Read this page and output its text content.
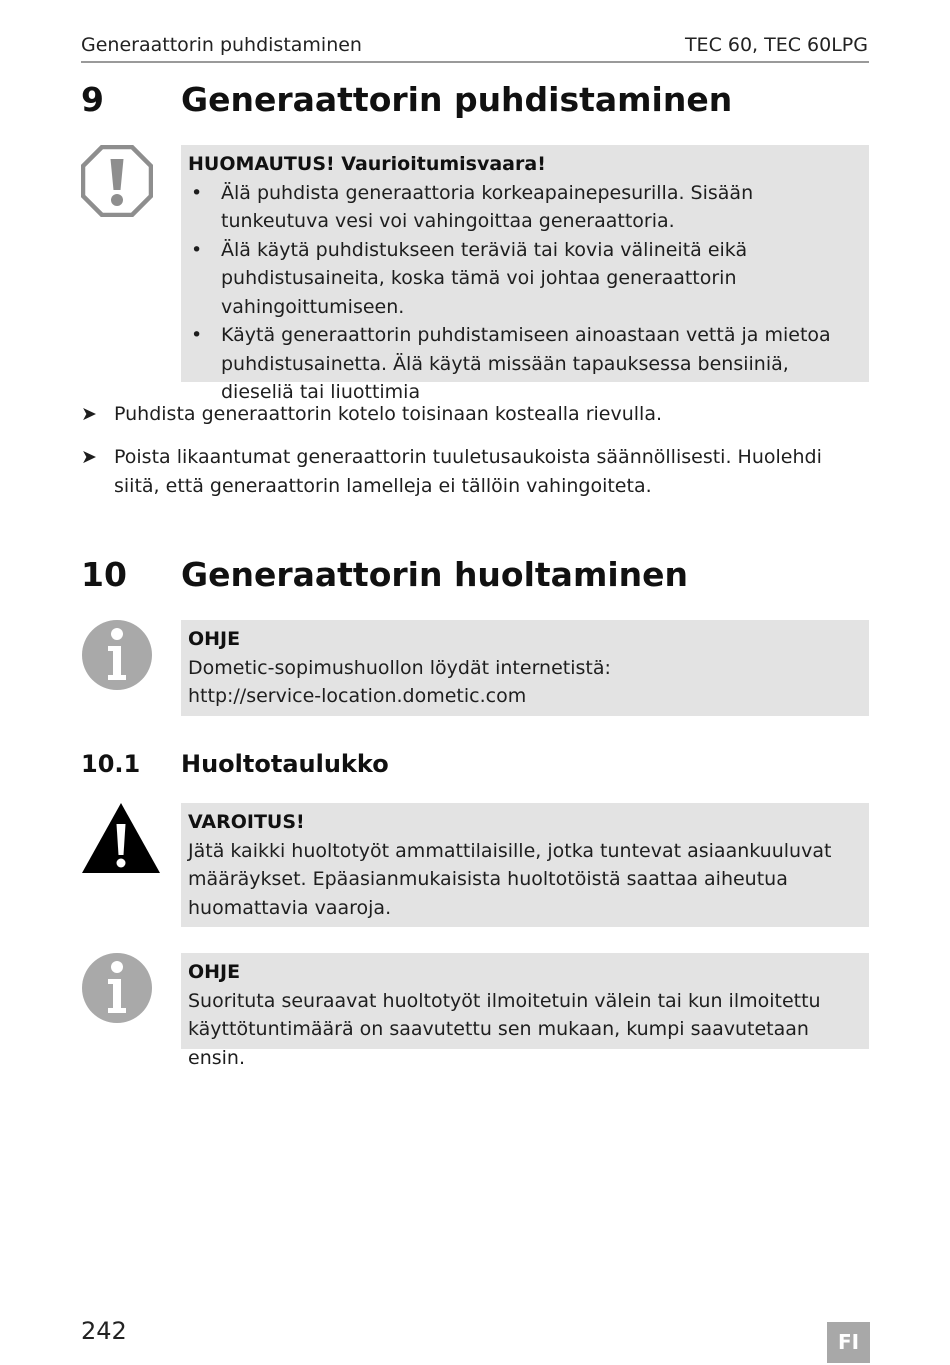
Generaattorin puhdistaminen	TEC 60, TEC 60LPG
9 Generaattorin puhdistaminen
HUOMAUTUS! Vaurioitumisvaara!
• Älä puhdista generaattoria korkeapainepesurilla. Sisään tunkeutuva vesi voi vahingoittaa generaattoria.
• Älä käytä puhdistukseen teräviä tai kovia välineitä eikä puhdistusaineita, koska tämä voi johtaa generaattorin vahingoittumiseen.
• Käytä generaattorin puhdistamiseen ainoastaan vettä ja mietoa puhdistusainetta. Älä käytä missään tapauksessa bensiiniä, dieseliä tai liuottimia
➤ Puhdista generaattorin kotelo toisinaan kostealla rievulla.
➤ Poista likaantumat generaattorin tuuletusaukoista säännöllisesti. Huolehdi siitä, että generaattorin lamelleja ei tällöin vahingoiteta.
10 Generaattorin huoltaminen
OHJE
Dometic-sopimushuollon löydät internetistä:
http://service-location.dometic.com
10.1 Huoltotaulukko
VAROITUS!
Jätä kaikki huoltotyöt ammattilaisille, jotka tuntevat asiaankuuluvat määräykset. Epäasianmukaisista huoltotöistä saattaa aiheutua huomattavia vaaroja.
OHJE
Suorituta seuraavat huoltotyöt ilmoitetuin välein tai kun ilmoitettu käyttötuntimäärä on saavutettu sen mukaan, kumpi saavutetaan ensin.
242	FI
